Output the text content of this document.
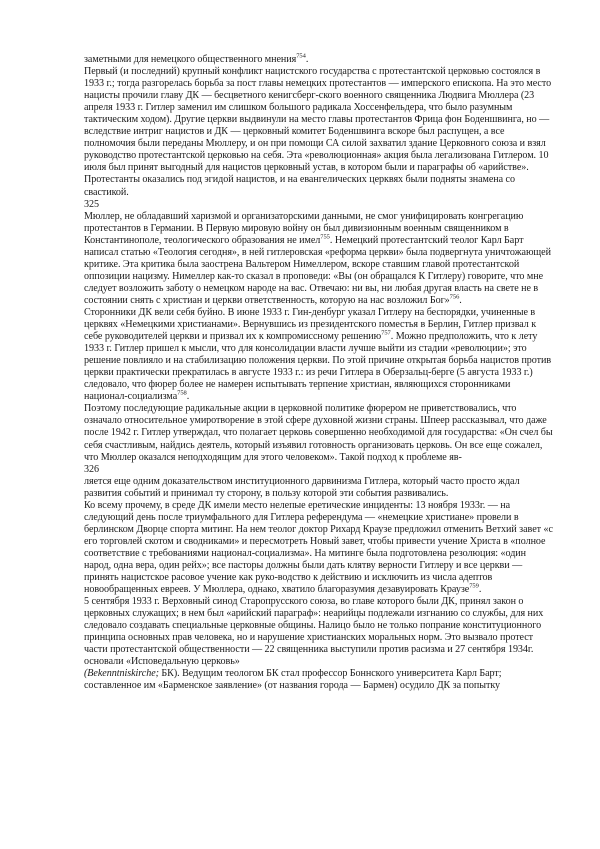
заметными для немецкого общественного мнения$^{754}$.

Первый (и последний) крупный конфликт нацистского государства с протестантской церковью состоялся в 1933 г.; тогда разгорелась борьба за пост главы немецких протестантов — имперского епископа. На это место нацисты прочили главу ДК — бесцветного кенигсберг-ского военного священника Людвига Мюллера (23 апреля 1933 г. Гитлер заменил им слишком большого радикала Хоссенфельдера, что было разумным тактическим ходом). Другие церкви выдвинули на место главы протестантов Фрица фон Боденшвинга, но — вследствие интриг нацистов и ДК — церковный комитет Боденшвинга вскоре был распущен, а все полномочия были переданы Мюллеру, и он при помощи СА силой захватил здание Церковного союза и взял руководство протестантской церковью на себя. Эта «революционная» акция была легализована Гитлером. 10 июля был принят выгодный для нацистов церковный устав, в котором были и параграфы об «арийстве». Протестанты оказались под эгидой нацистов, и на евангелических церквях были подняты знамена со свастикой.

325

Мюллер, не обладавший харизмой и организаторскими данными, не смог унифицировать конгрегацию протестантов в Германии. В Первую мировую войну он был дивизионным военным священником в Константинополе, теологического образования не имел$^{755}$. Немецкий протестантский теолог Карл Барт написал статью «Теология сегодня», в ней гитлеровская «реформа церкви» была подвергнута уничтожающей критике. Эта критика была заострена Вальтером Нимеллером, вскоре ставшим главой протестантской оппозиции нацизму. Нимеллер как-то сказал в проповеди: «Вы (он обращался К Гитлеру) говорите, что мне следует возложить заботу о немецком народе на вас. Отвечаю: ни вы, ни любая другая власть на свете не в состоянии снять с христиан и церкви ответственность, которую на нас возложил Бог»$^{756}$.

Сторонники ДК вели себя буйно. В июне 1933 г. Гин-денбург указал Гитлеру на беспорядки, учиненные в церквях «Немецкими христианами». Вернувшись из президентского поместья в Берлин, Гитлер призвал к себе руководителей церкви и призвал их к компромиссному решению$^{757}$. Можно предположить, что к лету 1933 г. Гитлер пришел к мысли, что для консолидации власти лучше выйти из стадии «революции»; это решение повлияло и на стабилизацию положения церкви. По этой причине открытая борьба нацистов против церкви практически прекратилась в августе 1933 г.: из речи Гитлера в Оберзальц-берге (5 августа 1933 г.) следовало, что фюрер более не намерен испытывать терпение христиан, являющихся сторонниками национал-социализма$^{758}$.

Поэтому последующие радикальные акции в церковной политике фюрером не приветствовались, что означало относительное умиротворение в этой сфере духовной жизни страны. Шпеер рассказывал, что даже после 1942 г. Гитлер утверждал, что полагает церковь совершенно необходимой для государства: «Он счел бы себя счастливым, найдись деятель, который изъявил готовность организовать церковь. Он все еще сожалел, что Мюллер оказался неподходящим для этого человеком». Такой подход к проблеме яв-

326

ляется еще одним доказательством институционного дарвинизма Гитлера, который часто просто ждал развития событий и принимал ту сторону, в пользу которой эти события развивались.

Ко всему прочему, в среде ДК имели место нелепые еретические инциденты: 13 ноября 1933г. — на следующий день после триумфального для Гитлера референдума — «немецкие христиане» провели в берлинском Дворце спорта митинг. На нем теолог доктор Рихард Краузе предложил отменить Ветхий завет «с его торговлей скотом и сводниками» и пересмотреть Новый завет, чтобы привести учение Христа в «полное соответствие с требованиями национал-социализма». На митинге была подготовлена резолюция: «один народ, одна вера, один рейх»; все пасторы должны были дать клятву верности Гитлеру и все церкви — принять нацистское расовое учение как руко-водство к действию и исключить из числа адептов новообращенных евреев. У Мюллера, однако, хватило благоразумия дезавуировать Краузе$^{759}$.

5 сентября 1933 г. Верховный синод Старопрусского союза, во главе которого были ДК, принял закон о церковных служащих; в нем был «арийский параграф»: неарийцы подлежали изгнанию со службы, для них следовало создавать специальные церковные общины. Налицо было не только попрание конституционного принципа основных прав человека, но и нарушение христианских моральных норм. Это вызвало протест части протестантской общественности — 22 священника выступили против расизма и 27 сентября 1934г. основали «Исповедальную церковь»
(Bekenntniskirche; БК). Ведущим теологом БК стал профессор Боннского университета Карл Барт; составленное им «Барменское заявление» (от названия города — Бармен) осудило ДК за попытку
